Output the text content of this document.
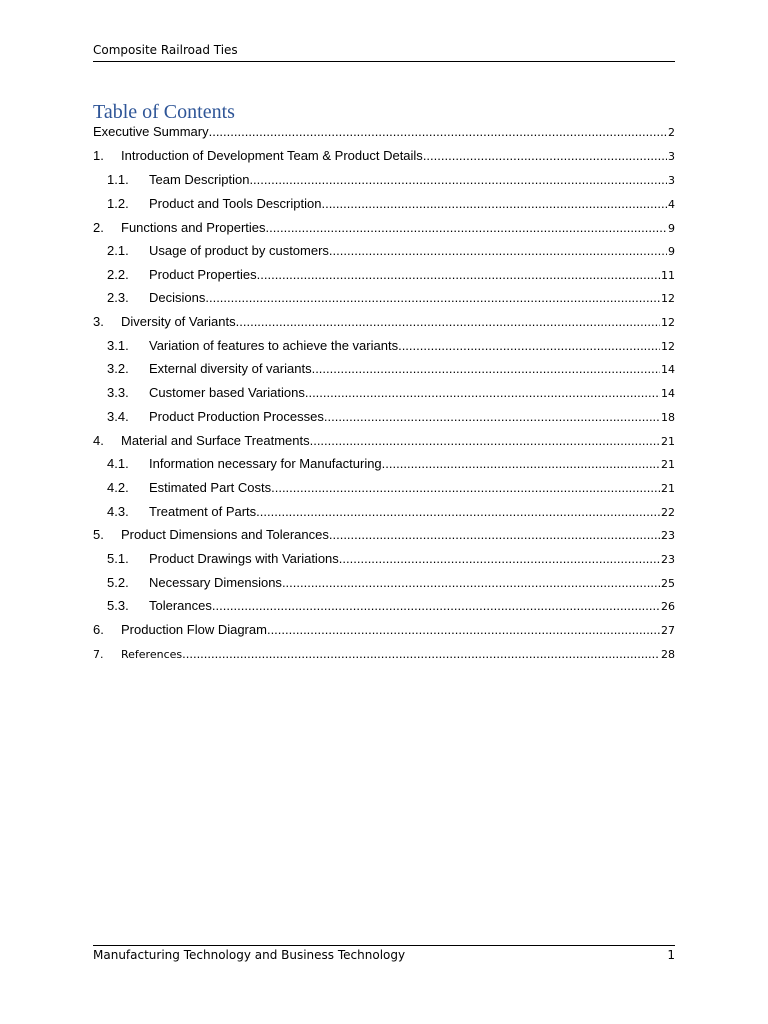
Composite Railroad Ties
Table of Contents
Executive Summary .....	2
1.	Introduction of Development Team & Product Details .....	3
1.1.	Team Description .....	3
1.2.	Product and Tools Description .....	4
2.	Functions and Properties .....	9
2.1.	Usage of product by customers .....	9
2.2.	Product Properties .....	11
2.3.	Decisions .....	12
3.	Diversity of Variants .....	12
3.1.	Variation of features to achieve the variants .....	12
3.2.	External diversity of variants .....	14
3.3.	Customer based Variations .....	14
3.4.	Product Production Processes .....	18
4.	Material and Surface Treatments .....	21
4.1.	Information necessary for Manufacturing .....	21
4.2.	Estimated Part Costs .....	21
4.3.	Treatment of Parts .....	22
5.	Product Dimensions and Tolerances .....	23
5.1.	Product Drawings with Variations .....	23
5.2.	Necessary Dimensions .....	25
5.3.	Tolerances .....	26
6.	Production Flow Diagram .....	27
7.	References .....	28
Manufacturing Technology and Business Technology	1
